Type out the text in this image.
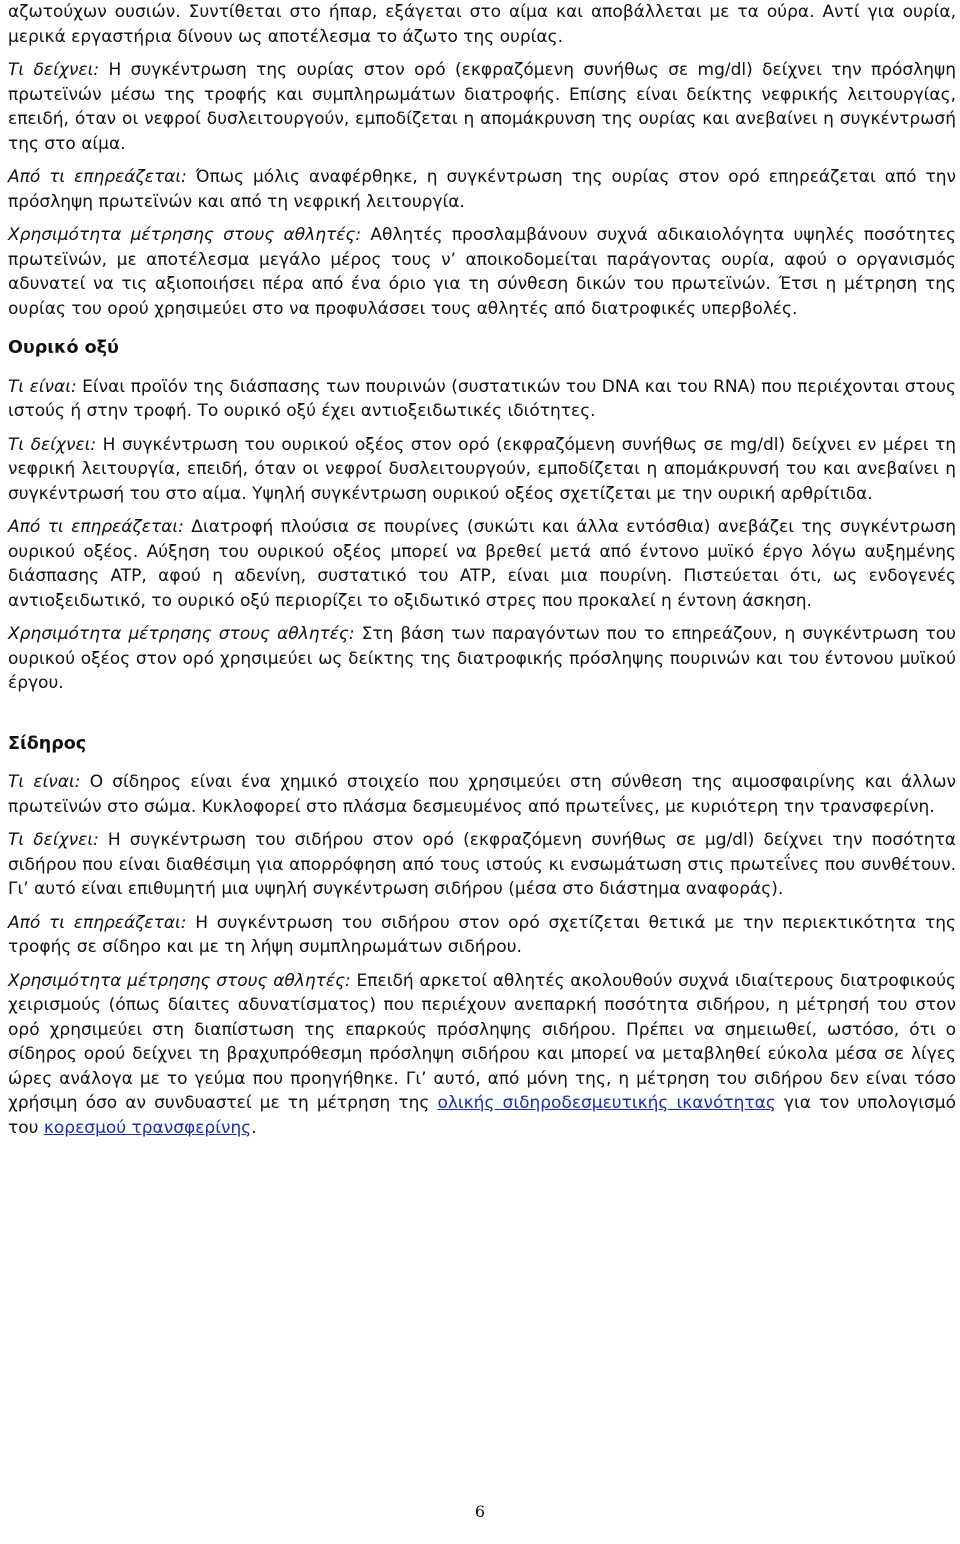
αζωτούχων ουσιών. Συντίθεται στο ήπαρ, εξάγεται στο αίμα και αποβάλλεται με τα ούρα. Αντί για ουρία, μερικά εργαστήρια δίνουν ως αποτέλεσμα το άζωτο της ουρίας.

Τι δείχνει: Η συγκέντρωση της ουρίας στον ορό (εκφραζόμενη συνήθως σε mg/dl) δείχνει την πρόσληψη πρωτεϊνών μέσω της τροφής και συμπληρωμάτων διατροφής. Επίσης είναι δείκτης νεφρικής λειτουργίας, επειδή, όταν οι νεφροί δυσλειτουργούν, εμποδίζεται η απομάκρυνση της ουρίας και ανεβαίνει η συγκέντρωσή της στο αίμα.

Από τι επηρεάζεται: Όπως μόλις αναφέρθηκε, η συγκέντρωση της ουρίας στον ορό επηρεάζεται από την πρόσληψη πρωτεϊνών και από τη νεφρική λειτουργία.

Χρησιμότητα μέτρησης στους αθλητές: Αθλητές προσλαμβάνουν συχνά αδικαιολόγητα υψηλές ποσότητες πρωτεϊνών, με αποτέλεσμα μεγάλο μέρος τους ν’ αποικοδομείται παράγοντας ουρία, αφού ο οργανισμός αδυνατεί να τις αξιοποιήσει πέρα από ένα όριο για τη σύνθεση δικών του πρωτεϊνών. Έτσι η μέτρηση της ουρίας του ορού χρησιμεύει στο να προφυλάσσει τους αθλητές από διατροφικές υπερβολές.

Ουρικό οξύ

Τι είναι: Είναι προϊόν της διάσπασης των πουρινών (συστατικών του DNA και του RNA) που περιέχονται στους ιστούς ή στην τροφή. Το ουρικό οξύ έχει αντιοξειδωτικές ιδιότητες.

Τι δείχνει: Η συγκέντρωση του ουρικού οξέος στον ορό (εκφραζόμενη συνήθως σε mg/dl) δείχνει εν μέρει τη νεφρική λειτουργία, επειδή, όταν οι νεφροί δυσλειτουργούν, εμποδίζεται η απομάκρυνσή του και ανεβαίνει η συγκέντρωσή του στο αίμα. Υψηλή συγκέντρωση ουρικού οξέος σχετίζεται με την ουρική αρθρίτιδα.

Από τι επηρεάζεται: Διατροφή πλούσια σε πουρίνες (συκώτι και άλλα εντόσθια) ανεβάζει της συγκέντρωση ουρικού οξέος. Αύξηση του ουρικού οξέος μπορεί να βρεθεί μετά από έντονο μυϊκό έργο λόγω αυξημένης διάσπασης ATP, αφού η αδενίνη, συστατικό του ATP, είναι μια πουρίνη. Πιστεύεται ότι, ως ενδογενές αντιοξειδωτικό, το ουρικό οξύ περιορίζει το οξιδωτικό στρες που προκαλεί η έντονη άσκηση.

Χρησιμότητα μέτρησης στους αθλητές: Στη βάση των παραγόντων που το επηρεάζουν, η συγκέντρωση του ουρικού οξέος στον ορό χρησιμεύει ως δείκτης της διατροφικής πρόσληψης πουρινών και του έντονου μυϊκού έργου.

Σίδηρος

Τι είναι: Ο σίδηρος είναι ένα χημικό στοιχείο που χρησιμεύει στη σύνθεση της αιμοσφαιρίνης και άλλων πρωτεϊνών στο σώμα. Κυκλοφορεί στο πλάσμα δεσμευμένος από πρωτεΐνες, με κυριότερη την τρανσφερίνη.

Τι δείχνει: Η συγκέντρωση του σιδήρου στον ορό (εκφραζόμενη συνήθως σε μg/dl) δείχνει την ποσότητα σιδήρου που είναι διαθέσιμη για απορρόφηση από τους ιστούς κι ενσωμάτωση στις πρωτεΐνες που συνθέτουν. Γι’ αυτό είναι επιθυμητή μια υψηλή συγκέντρωση σιδήρου (μέσα στο διάστημα αναφοράς).

Από τι επηρεάζεται: Η συγκέντρωση του σιδήρου στον ορό σχετίζεται θετικά με την περιεκτικότητα της τροφής σε σίδηρο και με τη λήψη συμπληρωμάτων σιδήρου.

Χρησιμότητα μέτρησης στους αθλητές: Επειδή αρκετοί αθλητές ακολουθούν συχνά ιδιαίτερους διατροφικούς χειρισμούς (όπως δίαιτες αδυνατίσματος) που περιέχουν ανεπαρκή ποσότητα σιδήρου, η μέτρησή του στον ορό χρησιμεύει στη διαπίστωση της επαρκούς πρόσληψης σιδήρου. Πρέπει να σημειωθεί, ωστόσο, ότι ο σίδηρος ορού δείχνει τη βραχυπρόθεσμη πρόσληψη σιδήρου και μπορεί να μεταβληθεί εύκολα μέσα σε λίγες ώρες ανάλογα με το γεύμα που προηγήθηκε. Γι’ αυτό, από μόνη της, η μέτρηση του σιδήρου δεν είναι τόσο χρήσιμη όσο αν συνδυαστεί με τη μέτρηση της ολικής σιδηροδεσμευτικής ικανότητας για τον υπολογισμό του κορεσμού τρανσφερίνης.

6
